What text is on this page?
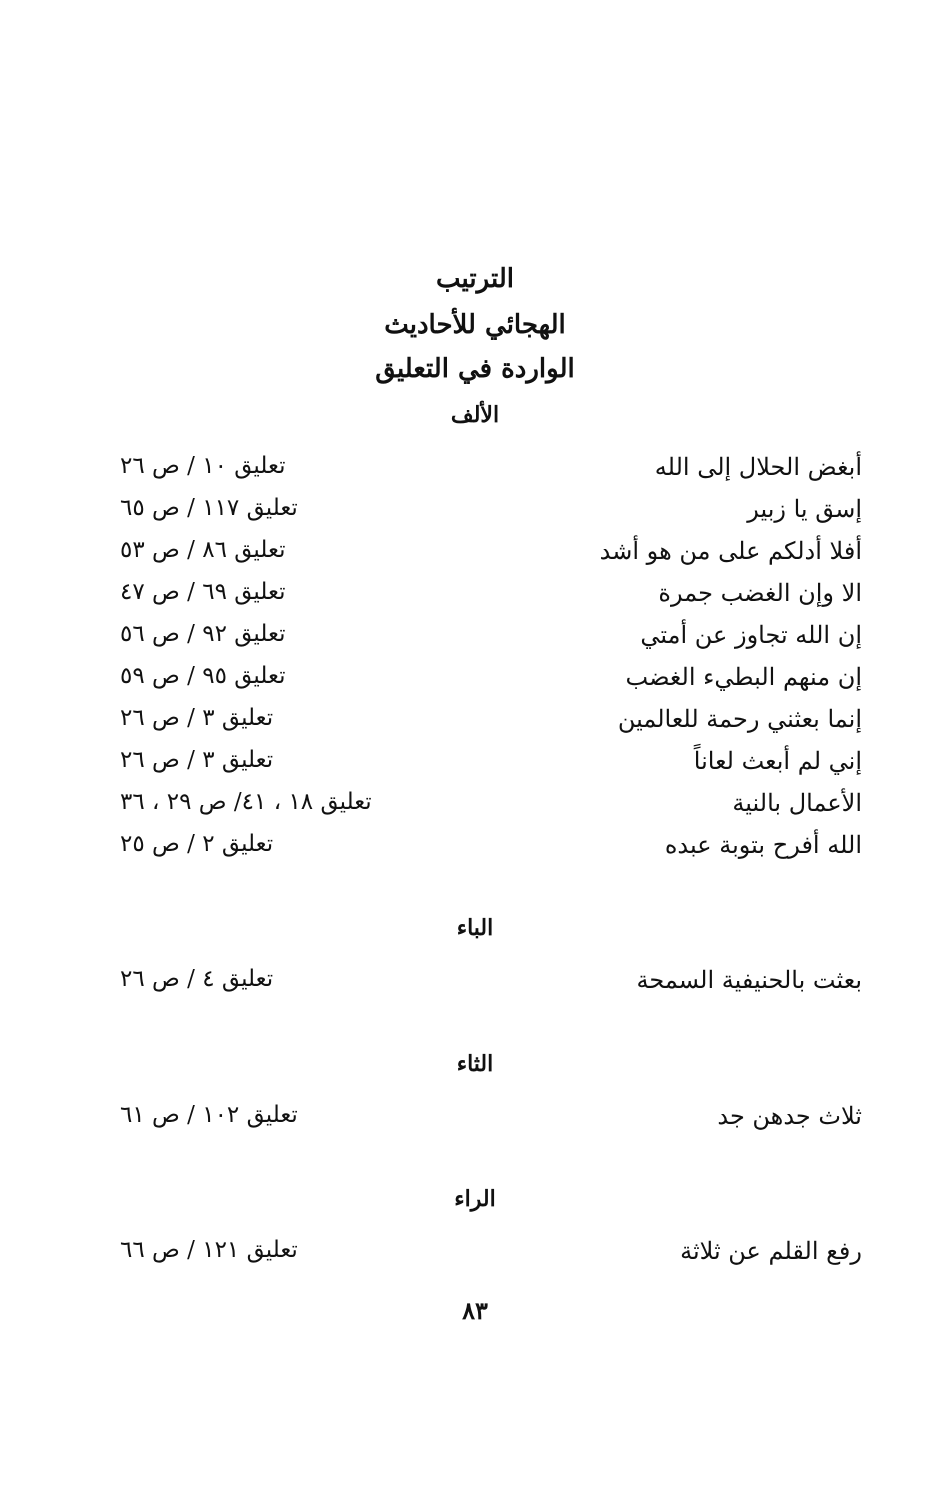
الترتيب
الهجائي للأحاديث
الواردة في التعليق
الألف
أبغض الحلال إلى الله
تعليق ١٠ / ص ٢٦
إسق يا زبير
تعليق ١١٧ / ص ٦٥
أفلا أدلكم على من هو أشد
تعليق ٨٦ / ص ٥٣
الا وإن الغضب جمرة
تعليق ٦٩ / ص ٤٧
إن الله تجاوز عن أمتي
تعليق ٩٢ / ص ٥٦
إن منهم البطيء الغضب
تعليق ٩٥ / ص ٥٩
إنما بعثني رحمة للعالمين
تعليق ٣ / ص ٢٦
إني لم أبعث لعاناً
تعليق ٣ / ص ٢٦
الأعمال بالنية
تعليق ١٨ ، ٤١/ ص ٢٩ ، ٣٦
الله أفرح بتوبة عبده
تعليق ٢ / ص ٢٥
الباء
بعثت بالحنيفية السمحة
تعليق ٤ / ص ٢٦
الثاء
ثلاث جدهن جد
تعليق ١٠٢ / ص ٦١
الراء
رفع القلم عن ثلاثة
تعليق ١٢١ / ص ٦٦
٨٣
